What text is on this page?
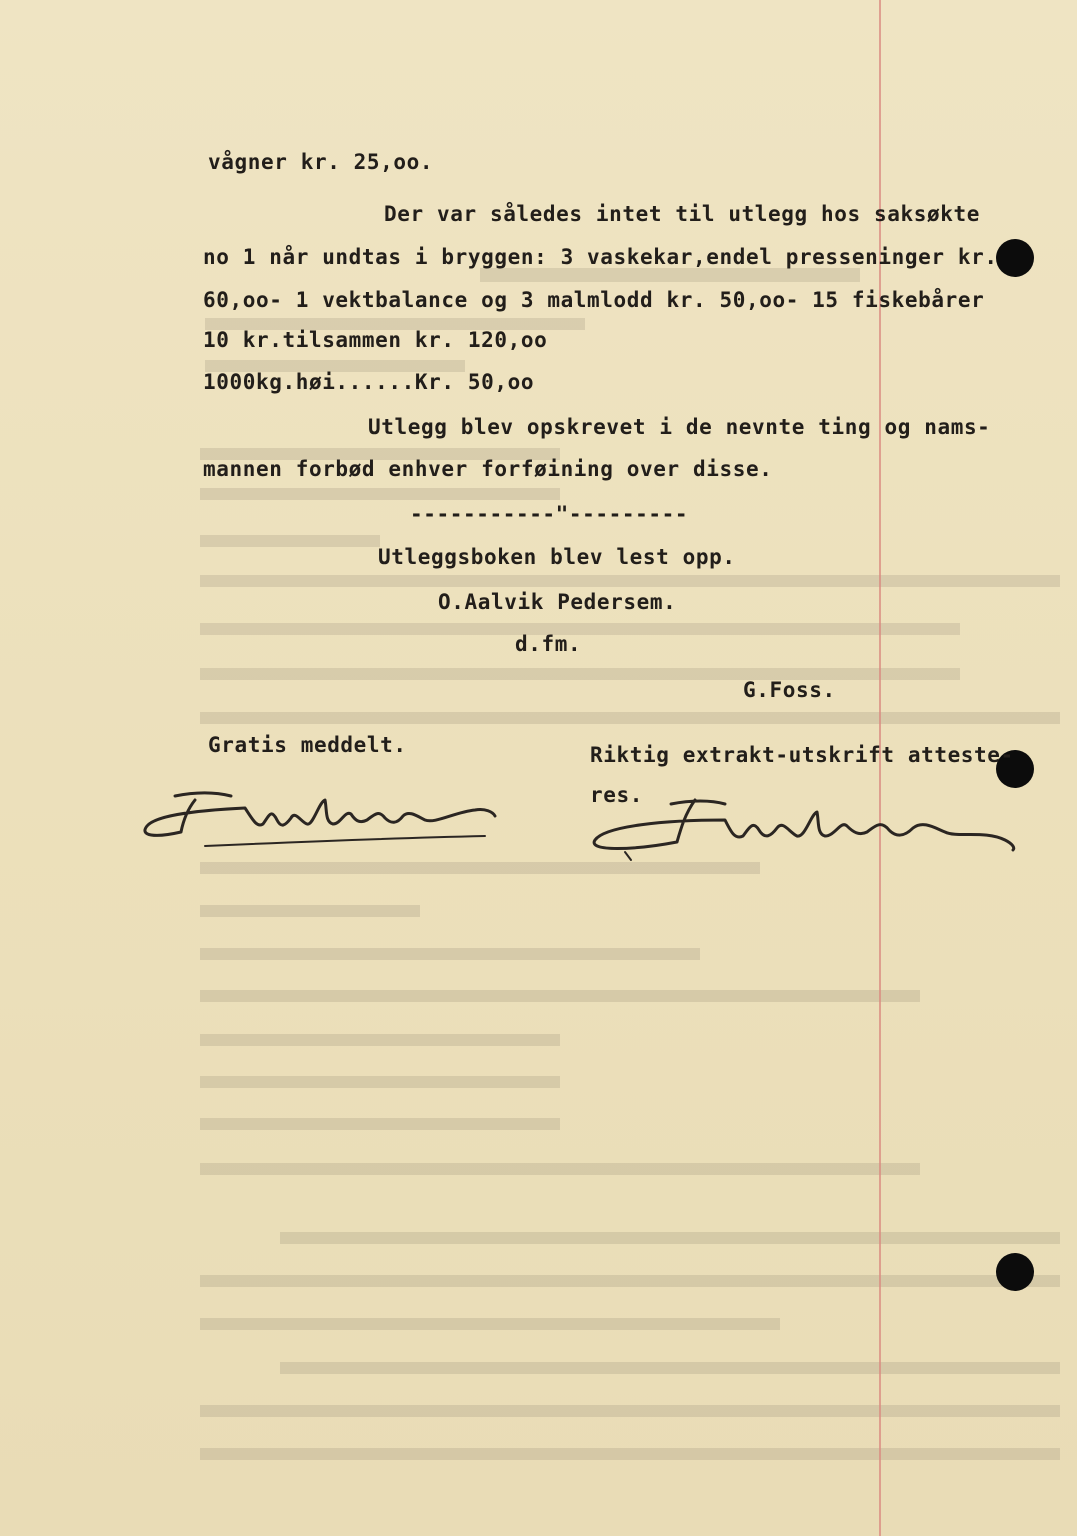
vågner kr. 25,oo.
Der var således intet til utlegg hos saksøkte
no 1 når undtas i bryggen: 3 vaskekar,endel presseninger kr.
60,oo- 1 vektbalance og 3 malmlodd kr. 50,oo- 15 fiskebårer
10 kr.tilsammen kr. 120,oo
1000kg.høi......Kr. 50,oo
Utlegg blev opskrevet i de nevnte ting og nams-
mannen forbød enhver forføining over disse.
-----------"---------
Utleggsboken blev lest opp.
O.Aalvik Pedersem.
d.fm.
G.Foss.
Gratis meddelt.	Riktig extrakt-utskrift atteste-
res.
